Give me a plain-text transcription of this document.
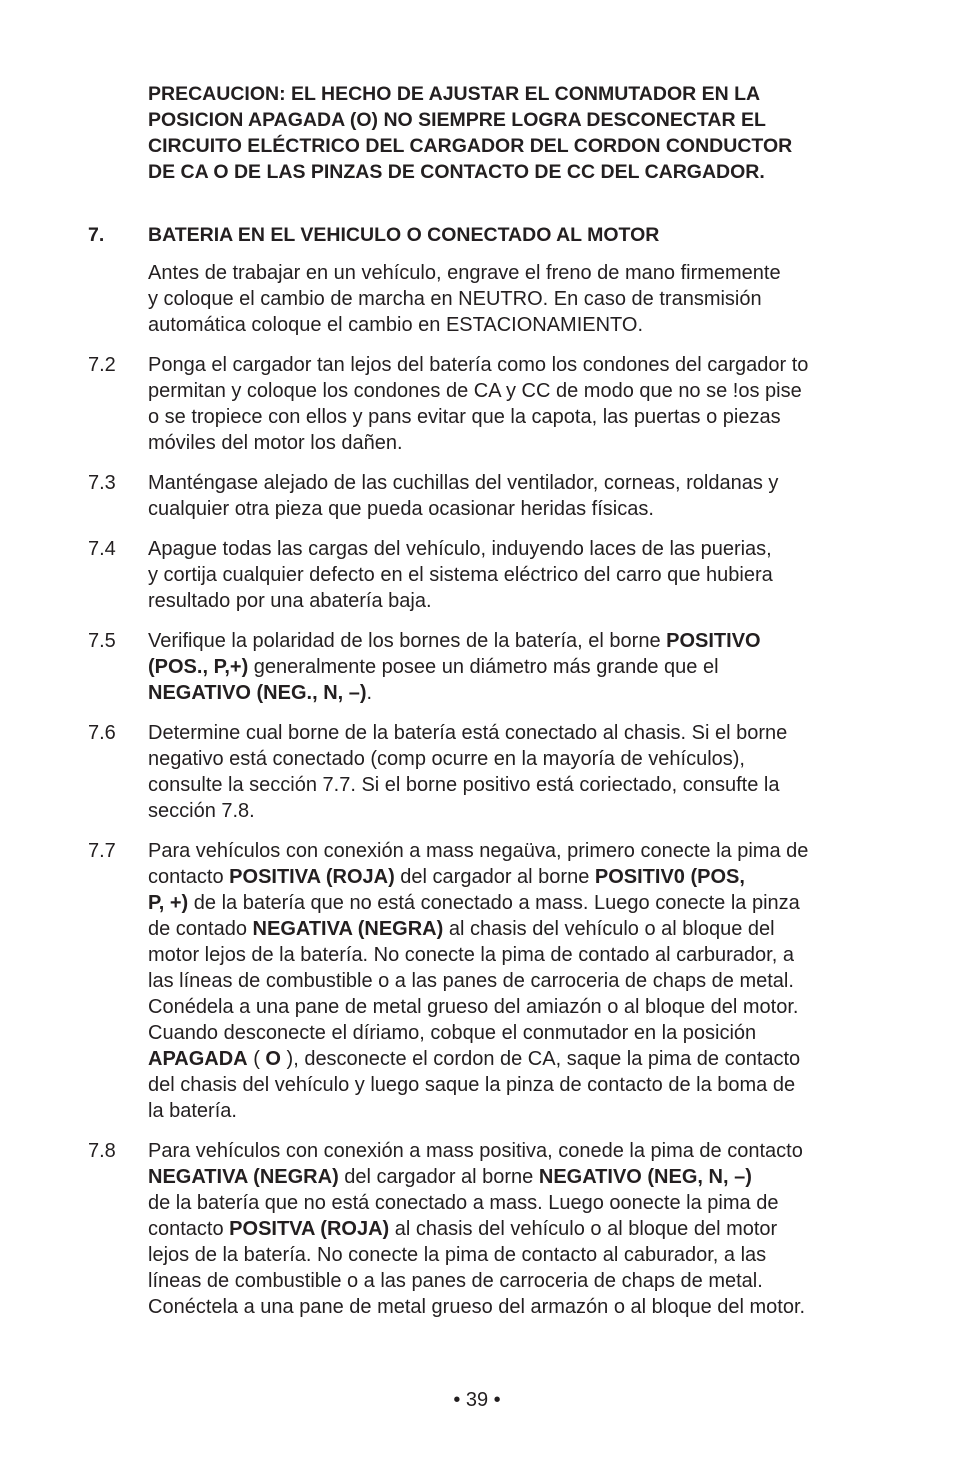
PRECAUCION: EL HECHO DE AJUSTAR EL CONMUTADOR EN LA
POSICION APAGADA (O) NO SIEMPRE LOGRA DESCONECTAR EL
CIRCUITO ELÉCTRICO DEL CARGADOR DEL CORDON CONDUCTOR
DE CA O DE LAS PINZAS DE CONTACTO DE CC DEL CARGADOR.
7. BATERIA EN EL VEHICULO O CONECTADO AL MOTOR
Antes de trabajar en un vehículo, engrave el freno de mano firmemente
y coloque el cambio de marcha en NEUTRO. En caso de transmisión
automática coloque el cambio en ESTACIONAMIENTO.
7.2 Ponga el cargador tan lejos del batería como los condones del cargador to
permitan y coloque los condones de CA y CC de modo que no se !os pise
o se tropiece con ellos y pans evitar que la capota, las puertas o piezas
móviles del motor los dañen.
7.3 Manténgase alejado de las cuchillas del ventilador, corneas, roldanas y
cualquier otra pieza que pueda ocasionar heridas físicas.
7.4 Apague todas las cargas del vehículo, induyendo laces de las puerias,
y cortija cualquier defecto en el sistema eléctrico del carro que hubiera
resultado por una abatería baja.
7.5 Verifique la polaridad de los bornes de la batería, el borne POSITIVO
(POS., P,+) generalmente posee un diámetro más grande que el
NEGATIVO (NEG., N, –).
7.6 Determine cual borne de la batería está conectado al chasis. Si el borne
negativo está conectado (comp ocurre en la mayoría de vehículos),
consulte la sección 7.7. Si el borne positivo está coriectado, consufte la
sección 7.8.
7.7 Para vehículos con conexión a mass negaüva, primero conecte la pima de
contacto POSITIVA (ROJA) del cargador al borne POSITIV0 (POS,
P, +) de la batería que no está conectado a mass. Luego conecte la pinza
de contado NEGATIVA (NEGRA) al chasis del vehículo o al bloque del
motor lejos de la batería. No conecte la pima de contado al carburador, a
las líneas de combustible o a las panes de carroceria de chaps de metal.
Conédela a una pane de metal grueso del amiazón o al bloque del motor.
Cuando desconecte el díriamo, cobque el conmutador en la posición
APAGADA ( O ), desconecte el cordon de CA, saque la pima de contacto
del chasis del vehículo y luego saque la pinza de contacto de la boma de
la batería.
7.8 Para vehículos con conexión a mass positiva, conede la pima de contacto
NEGATIVA (NEGRA) del cargador al borne NEGATIVO (NEG, N, –)
de la batería que no está conectado a mass. Luego oonecte la pima de
contacto POSITVA (ROJA) al chasis del vehículo o al bloque del motor
lejos de la batería. No conecte la pima de contacto al caburador, a las
líneas de combustible o a las panes de carroceria de chaps de metal.
Conéctela a una pane de metal grueso del armazón o al bloque del motor.
• 39 •
